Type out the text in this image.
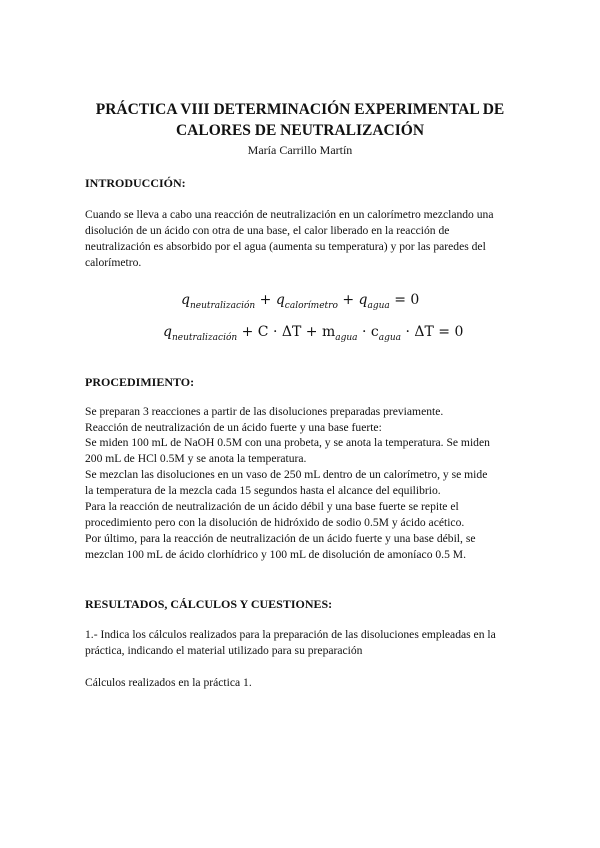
PRÁCTICA VIII DETERMINACIÓN EXPERIMENTAL DE
CALORES DE NEUTRALIZACIÓN
María Carrillo Martín
INTRODUCCIÓN:
Cuando se lleva a cabo una reacción de neutralización en un calorímetro mezclando una
disolución de un ácido con otra de una base, el calor liberado en la reacción de
neutralización es absorbido por el agua (aumenta su temperatura) y por las paredes del
calorímetro.
$q_{neutralización} + q_{calorímetro} + q_{agua} = 0$
$q_{neutralización} + C \cdot \Delta T + m_{agua} \cdot c_{agua} \cdot \Delta T = 0$
PROCEDIMIENTO:
Se preparan 3 reacciones a partir de las disoluciones preparadas previamente.
Reacción de neutralización de un ácido fuerte y una base fuerte:
Se miden 100 mL de NaOH 0.5M con una probeta, y se anota la temperatura. Se miden
200 mL de HCl 0.5M y se anota la temperatura.
Se mezclan las disoluciones en un vaso de 250 mL dentro de un calorímetro, y se mide
la temperatura de la mezcla cada 15 segundos hasta el alcance del equilibrio.
Para la reacción de neutralización de un ácido débil y una base fuerte se repite el
procedimiento pero con la disolución de hidróxido de sodio 0.5M y ácido acético.
Por último, para la reacción de neutralización de un ácido fuerte y una base débil, se
mezclan 100 mL de ácido clorhídrico y 100 mL de disolución de amoníaco 0.5 M.
RESULTADOS, CÁLCULOS Y CUESTIONES:
1.- Indica los cálculos realizados para la preparación de las disoluciones empleadas en la
práctica, indicando el material utilizado para su preparación
Cálculos realizados en la práctica 1.
